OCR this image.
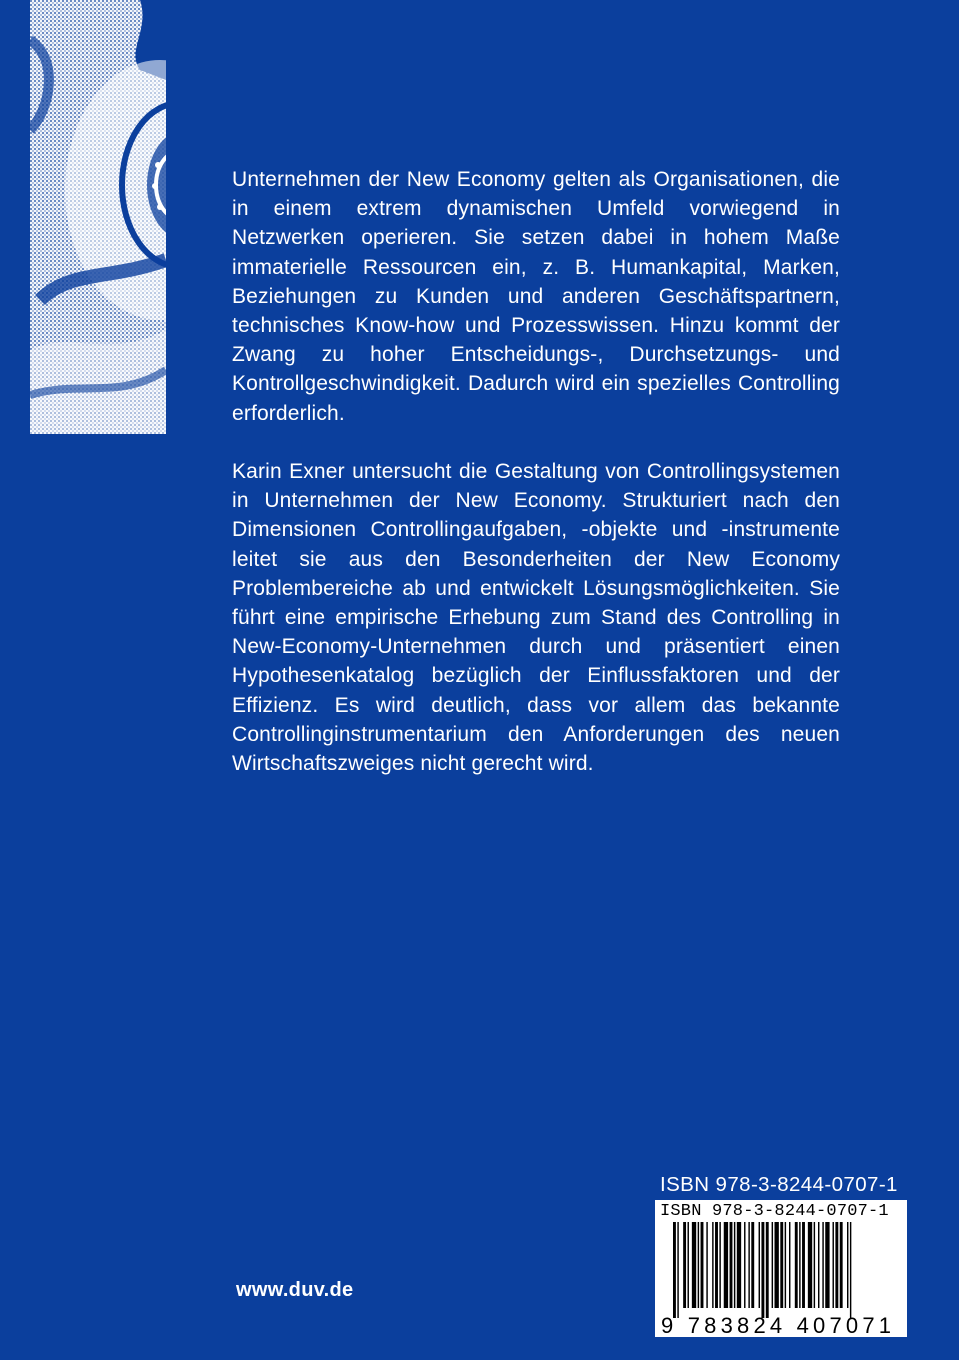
Unternehmen der New Economy gelten als Organisationen, die in einem extrem dynamischen Umfeld vorwiegend in Netzwerken operieren. Sie setzen dabei in hohem Maße immaterielle Ressourcen ein, z. B. Humankapital, Marken, Beziehungen zu Kunden und anderen Geschäftspartnern, technisches Know-how und Prozesswissen. Hinzu kommt der Zwang zu hoher Entscheidungs-, Durchsetzungs- und Kontrollgeschwindigkeit. Dadurch wird ein spezielles Controlling erforderlich.

Karin Exner untersucht die Gestaltung von Controllingsystemen in Unternehmen der New Economy. Strukturiert nach den Dimensionen Controllingaufgaben, -objekte und -instrumente leitet sie aus den Besonderheiten der New Economy Problembereiche ab und entwickelt Lösungsmöglichkeiten. Sie führt eine empirische Erhebung zum Stand des Controlling in New-Economy-Unternehmen durch und präsentiert einen Hypothesenkatalog bezüglich der Einflussfaktoren und der Effizienz. Es wird deutlich, dass vor allem das bekannte Controllinginstrumentarium den Anforderungen des neuen Wirtschaftszweiges nicht gerecht wird.

ISBN 978-3-8244-0707-1

ISBN 978-3-8244-0707-1

9 783824 407071

www.duv.de
